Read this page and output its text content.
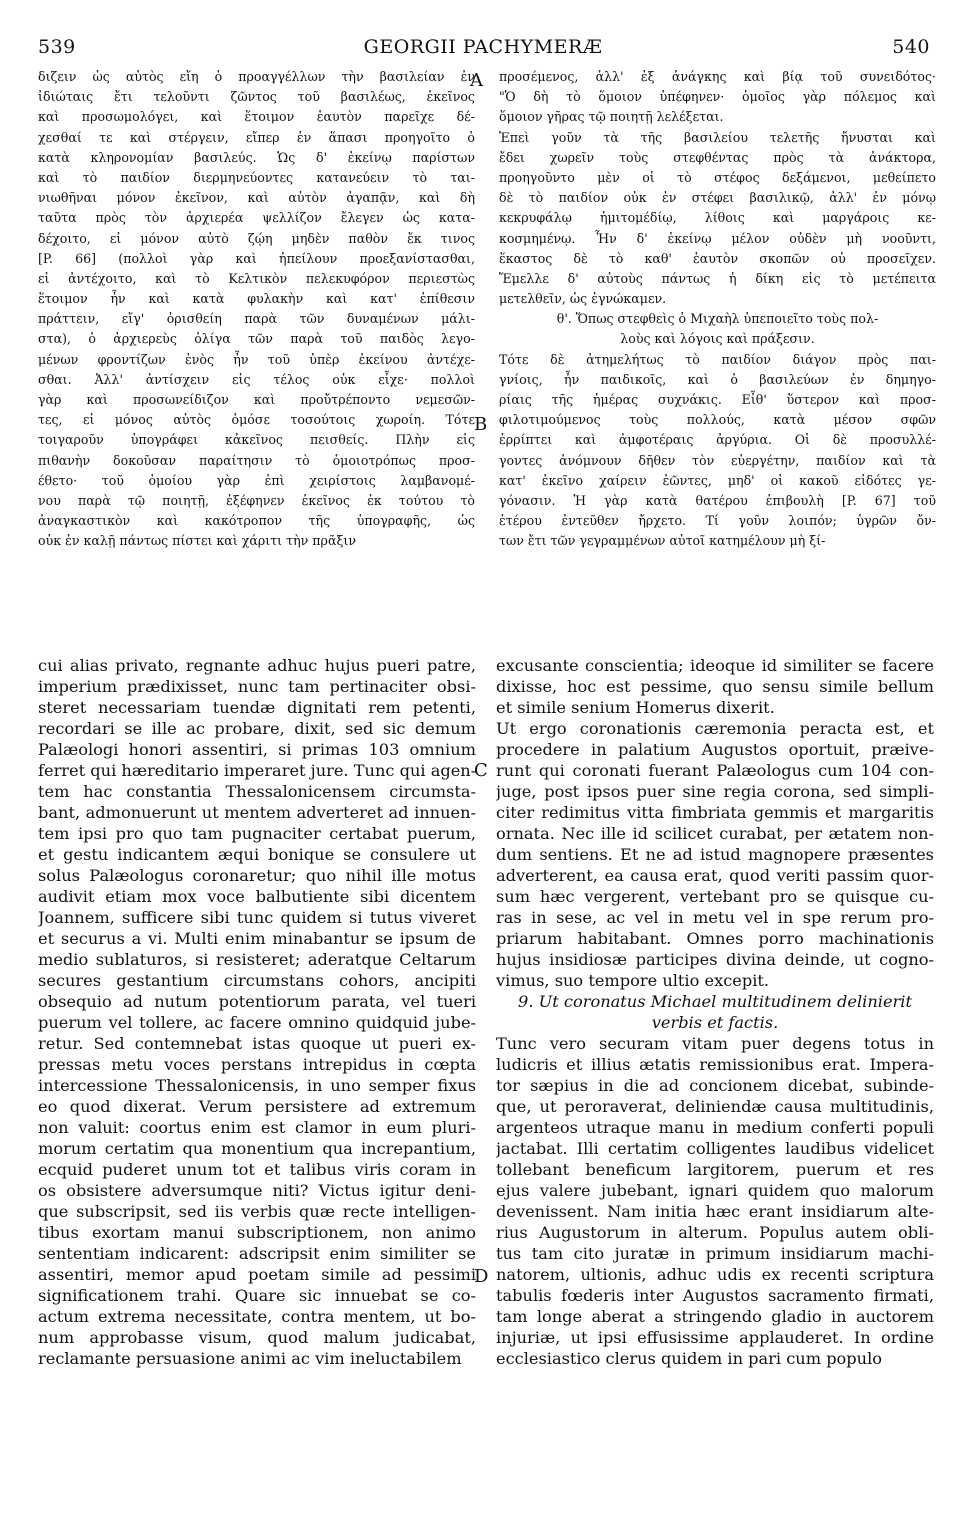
539	GEORGII PACHYMERÆ	540
A
B
C
D
διζειν ὡς αὐτὸς εἴη ὁ προαγγέλλων τὴν βασιλείαν ἐν
ἰδιώταις ἔτι τελοῦντι ζῶντος τοῦ βασιλέως, ἐκεῖνος
καὶ προσωμολόγει, καὶ ἕτοιμον ἑαυτὸν παρεῖχε δέ-
χεσθαί τε καὶ στέργειν, εἴπερ ἐν ἅπασι προηγοῖτο ὁ
κατὰ κληρονομίαν βασιλεύς. Ὡς δ' ἐκείνῳ παρίστων
καὶ τὸ παιδίον διερμηνεύοντες κατανεύειν τὸ ται-
νιωθῆναι μόνον ἐκεῖνον, καὶ αὐτὸν ἀγαπᾷν, καὶ δὴ
ταῦτα πρὸς τὸν ἀρχιερέα ψελλίζον ἔλεγεν ὡς κατα-
δέχοιτο, εἰ μόνον αὐτὸ ζῴη μηδὲν παθὸν ἔκ τινος
[P. 66] (πολλοὶ γὰρ καὶ ἠπείλουν προεξανίστασθαι,
εἰ ἀντέχοιτο, καὶ τὸ Κελτικὸν πελεκυφόρον περιεστὼς
ἕτοιμον ἦν καὶ κατὰ φυλακὴν καὶ κατ' ἐπίθεσιν
πράττειν, εἴγ' ὁρισθείη παρὰ τῶν δυναμένων μάλι-
στα), ὁ ἀρχιερεὺς ὀλίγα τῶν παρὰ τοῦ παιδὸς λεγο-
μένων φροντίζων ἑνὸς ἦν τοῦ ὑπὲρ ἐκείνου ἀντέχε-
σθαι. Ἀλλ' ἀντίσχειν εἰς τέλος οὐκ εἶχε· πολλοὶ
γὰρ καὶ προσωνείδιζον καὶ προὔτρέποντο νεμεσῶν-
τες, εἰ μόνος αὐτὸς ὁμόσε τοσούτοις χωροίη. Τότε
τοιγαροῦν ὑπογράφει κἀκεῖνος πεισθείς. Πλὴν εἰς
πιθανὴν δοκοῦσαν παραίτησιν τὸ ὁμοιοτρόπως προσ-
έθετο· τοῦ ὁμοίου γὰρ ἐπὶ χειρίστοις λαμβανομέ-
νου παρὰ τῷ ποιητῇ, ἐξέφηνεν ἐκεῖνος ἐκ τούτου τὸ
ἀναγκαστικὸν καὶ κακότροπον τῆς ὑπογραφῆς, ὡς
οὐκ ἐν καλῇ πάντως πίστει καὶ χάριτι τὴν πρᾶξιν
προσέμενος, ἀλλ' ἐξ ἀνάγκης καὶ βίᾳ τοῦ συνειδότος·
"Ὁ δὴ τὸ ὅμοιον ὑπέφηνεν· ὁμοῖος γὰρ πόλεμος καὶ
ὅμοιον γῆρας τῷ ποιητῇ λελέξεται.
Ἐπεὶ γοῦν τὰ τῆς βασιλείου τελετῆς ἤνυσται καὶ
ἔδει χωρεῖν τοὺς στεφθέντας πρὸς τὰ ἀνάκτορα,
προηγοῦντο μὲν οἱ τὸ στέφος δεξάμενοι, μεθείπετο
δὲ τὸ παιδίον οὐκ ἐν στέφει βασιλικῷ, ἀλλ' ἐν μόνῳ
κεκρυφάλῳ ἡμιτομέδίῳ, λίθοις καὶ μαργάροις κε-
κοσμημένῳ. Ἦν δ' ἐκείνῳ μέλον οὐδὲν μὴ νοοῦντι,
ἕκαστος δὲ τὸ καθ' ἑαυτὸν σκοπῶν οὐ προσεῖχεν.
Ἔμελλε δ' αὐτοὺς πάντως ἡ δίκη εἰς τὸ μετέπειτα
μετελθεῖν, ὡς ἐγνώκαμεν.
θ'. Ὅπως στεφθεὶς ὁ Μιχαὴλ ὑπεποιεῖτο τοὺς πολ-
λοὺς καὶ λόγοις καὶ πράξεσιν.
Τότε δὲ ἀτημελήτως τὸ παιδίον διάγον πρὸς παι-
γνίοις, ἦν παιδικοῖς, καὶ ὁ βασιλεύων ἐν δημηγο-
ρίαις τῆς ἡμέρας συχνάκις. Εἶθ' ὕστερον καὶ προσ-
φιλοτιμούμενος τοὺς πολλούς, κατὰ μέσον σφῶν
ἐρρίπτει καὶ ἀμφοτέραις ἀργύρια. Οἱ δὲ προσυλλέ-
γοντες ἀνόμνουν δῆθεν τὸν εὐεργέτην, παιδίον καὶ τὰ
κατ' ἐκεῖνο χαίρειν ἐῶντες, μηδ' οἱ κακοῦ εἰδότες γε-
γόνασιν. Ἡ γὰρ κατὰ θατέρου ἐπιβουλὴ [P. 67] τοῦ
ἑτέρου ἐντεῦθεν ἤρχετο. Τί γοῦν λοιπόν; ὑγρῶν ὄν-
των ἔτι τῶν γεγραμμένων αὐτοῖ κατημέλουν μὴ ξί-
cui alias privato, regnante adhuc hujus pueri patre,
imperium prædixisset, nunc tam pertinaciter obsi-
steret necessariam tuendæ dignitati rem petenti,
recordari se ille ac probare, dixit, sed sic demum
Palæologi honori assentiri, si primas 103 omnium
ferret qui hæreditario imperaret jure. Tunc qui agen-
tem hac constantia Thessalonicensem circumsta-
bant, admonuerunt ut mentem adverteret ad innuen-
tem ipsi pro quo tam pugnaciter certabat puerum,
et gestu indicantem æqui bonique se consulere ut
solus Palæologus coronaretur; quo nihil ille motus
audivit etiam mox voce balbutiente sibi dicentem
Joannem, sufficere sibi tunc quidem si tutus viveret
et securus a vi. Multi enim minabantur se ipsum de
medio sublaturos, si resisteret; aderatque Celtarum
secures gestantium circumstans cohors, ancipiti
obsequio ad nutum potentiorum parata, vel tueri
puerum vel tollere, ac facere omnino quidquid jube-
retur. Sed contemnebat istas quoque ut pueri ex-
pressas metu voces perstans intrepidus in cœpta
intercessione Thessalonicensis, in uno semper fixus
eo quod dixerat. Verum persistere ad extremum
non valuit: coortus enim est clamor in eum pluri-
morum certatim qua monentium qua increpantium,
ecquid puderet unum tot et talibus viris coram in
os obsistere adversumque niti? Victus igitur deni-
que subscripsit, sed iis verbis quæ recte intelligen-
tibus exortam manui subscriptionem, non animo
sententiam indicarent: adscripsit enim similiter se
assentiri, memor apud poetam simile ad pessimi
significationem trahi. Quare sic innuebat se co-
actum extrema necessitate, contra mentem, ut bo-
num approbasse visum, quod malum judicabat,
reclamante persuasione animi ac vim ineluctabilem
excusante conscientia; ideoque id similiter se facere
dixisse, hoc est pessime, quo sensu simile bellum
et simile senium Homerus dixerit.
Ut ergo coronationis cæremonia peracta est, et
procedere in palatium Augustos oportuit, præive-
runt qui coronati fuerant Palæologus cum 104 con-
juge, post ipsos puer sine regia corona, sed simpli-
citer redimitus vitta fimbriata gemmis et margaritis
ornata. Nec ille id scilicet curabat, per ætatem non-
dum sentiens. Et ne ad istud magnopere præsentes
adverterent, ea causa erat, quod veriti passim quor-
sum hæc vergerent, vertebant pro se quisque cu-
ras in sese, ac vel in metu vel in spe rerum pro-
priarum habitabant. Omnes porro machinationis
hujus insidiosæ participes divina deinde, ut cogno-
vimus, suo tempore ultio excepit.
9. Ut coronatus Michael multitudinem delinierit
verbis et factis.
Tunc vero securam vitam puer degens totus in
ludicris et illius ætatis remissionibus erat. Impera-
tor sæpius in die ad concionem dicebat, subinde-
que, ut peroraverat, deliniendæ causa multitudinis,
argenteos utraque manu in medium conferti populi
jactabat. Illi certatim colligentes laudibus videlicet
tollebant beneficum largitorem, puerum et res
ejus valere jubebant, ignari quidem quo malorum
devenissent. Nam initia hæc erant insidiarum alte-
rius Augustorum in alterum. Populus autem obli-
tus tam cito juratæ in primum insidiarum machi-
natorem, ultionis, adhuc udis ex recenti scriptura
tabulis fœderis inter Augustos sacramento firmati,
tam longe aberat a stringendo gladio in auctorem
injuriæ, ut ipsi effusissime applauderet. In ordine
ecclesiastico clerus quidem in pari cum populo
